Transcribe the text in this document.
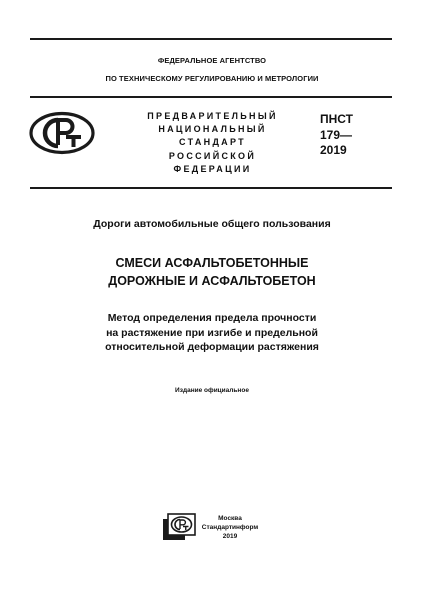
ФЕДЕРАЛЬНОЕ АГЕНТСТВО
ПО ТЕХНИЧЕСКОМУ РЕГУЛИРОВАНИЮ И МЕТРОЛОГИИ
ПРЕДВАРИТЕЛЬНЫЙ
НАЦИОНАЛЬНЫЙ
СТАНДАРТ
РОССИЙСКОЙ
ФЕДЕРАЦИИ
ПНСТ
179—
2019
Дороги автомобильные общего пользования
СМЕСИ АСФАЛЬТОБЕТОННЫЕ
ДОРОЖНЫЕ И АСФАЛЬТОБЕТОН
Метод определения предела прочности
на растяжение при изгибе и предельной
относительной деформации растяжения
Издание официальное
Москва
Стандартинформ
2019
